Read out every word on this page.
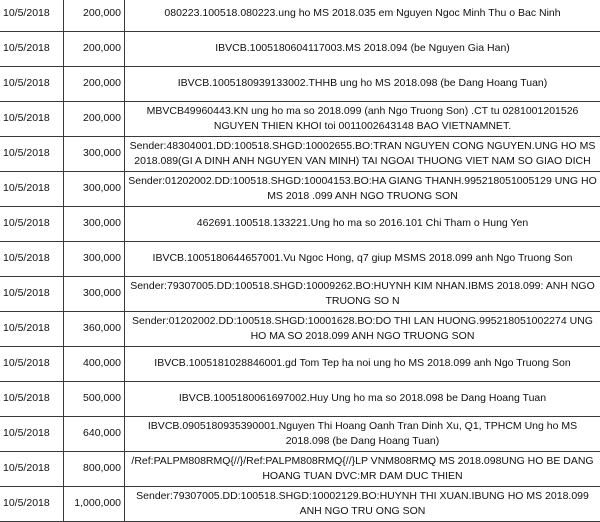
10/5/2018	200,000	080223.100518.080223.ung ho MS 2018.035 em Nguyen Ngoc Minh Thu o Bac Ninh
10/5/2018	200,000	IBVCB.1005180604117003.MS 2018.094 (be Nguyen Gia Han)
10/5/2018	200,000	IBVCB.1005180939133002.THHB ung ho MS 2018.098 (be Dang Hoang Tuan)
10/5/2018	200,000	MBVCB49960443.KN ung ho ma so 2018.099 (anh Ngo Truong Son) .CT tu 0281001201526 NGUYEN THIEN KHOI toi 0011002643148 BAO VIETNAMNET.
10/5/2018	300,000	Sender:48304001.DD:100518.SHGD:10002655.BO:TRAN NGUYEN CONG NGUYEN.UNG HO MS 2018.089(GI A DINH ANH NGUYEN VAN MINH) TAI NGOAI THUONG VIET NAM SO GIAO DICH
10/5/2018	300,000	Sender:01202002.DD:100518.SHGD:10004153.BO:HA GIANG THANH.995218051005129 UNG HO MS 2018 .099 ANH NGO TRUONG SON
10/5/2018	300,000	462691.100518.133221.Ung ho ma so 2016.101 Chi Tham o Hung Yen
10/5/2018	300,000	IBVCB.1005180644657001.Vu Ngoc Hong, q7 giup MSMS 2018.099 anh Ngo Truong Son
10/5/2018	300,000	Sender:79307005.DD:100518.SHGD:10009262.BO:HUYNH KIM NHAN.IBMS 2018.099: ANH NGO TRUONG SO N
10/5/2018	360,000	Sender:01202002.DD:100518.SHGD:10001628.BO:DO THI LAN HUONG.995218051002274 UNG HO MA SO 2018.099 ANH NGO TRUONG SON
10/5/2018	400,000	IBVCB.1005181028846001.gd Tom Tep ha noi ung ho MS 2018.099 anh Ngo Truong Son
10/5/2018	500,000	IBVCB.1005180061697002.Huy Ung ho ma so 2018.098 be Dang Hoang Tuan
10/5/2018	640,000	IBVCB.0905180935390001.Nguyen Thi Hoang Oanh Tran Dinh Xu, Q1, TPHCM Ung ho MS 2018.098 (be Dang Hoang Tuan)
10/5/2018	800,000	/Ref:PALPM808RMQ{//}/Ref:PALPM808RMQ{//}LP VNM808RMQ MS 2018.098UNG HO BE DANG HOANG TUAN DVC:MR DAM DUC THIEN
10/5/2018	1,000,000	Sender:79307005.DD:100518.SHGD:10002129.BO:HUYNH THI XUAN.IBUNG HO MS 2018.099 ANH NGO TRU ONG SON
